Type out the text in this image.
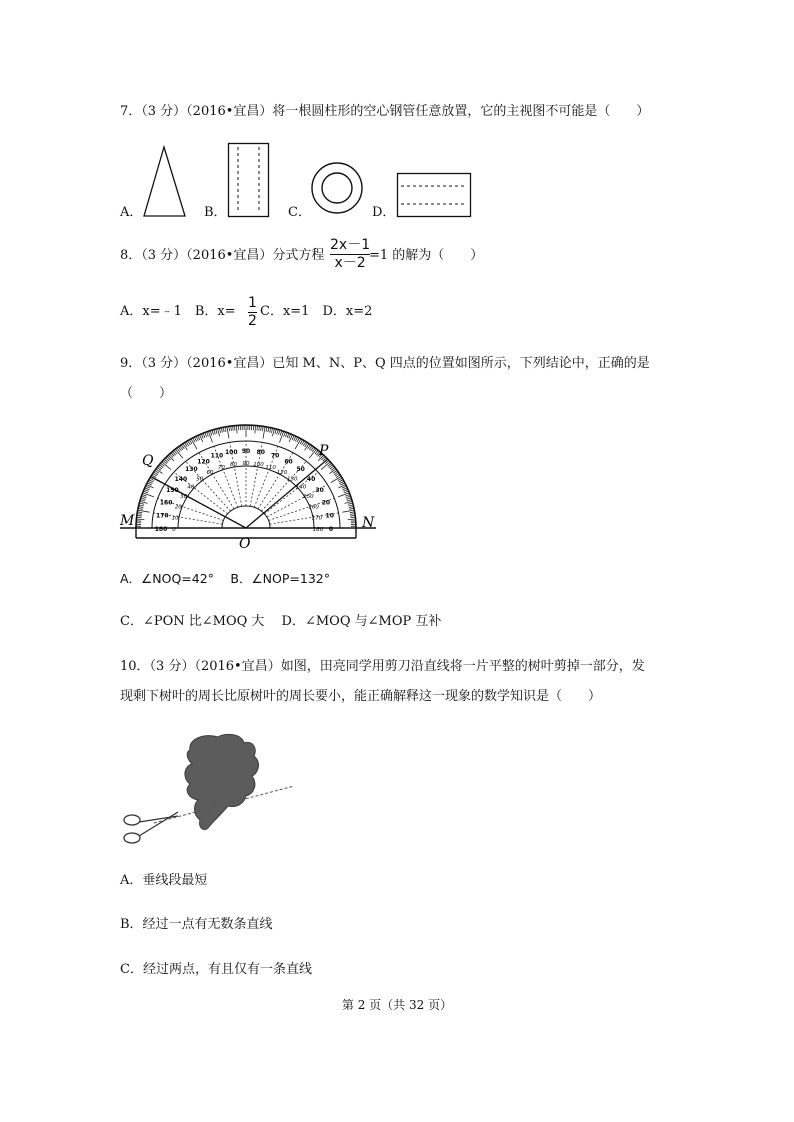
7．（3 分）（2016•宜昌）将一根圆柱形的空心钢管任意放置，它的主视图不可能是（　　）
A．	B．	C．	D．
8．（3 分）（2016•宜昌）分式方程
2x－1
x－2 =1 的解为（　　）
A．x=﹣1　B．x=
1
2
C．x=1　D．x=2
9．（3 分）（2016•宜昌）已知 M、N、P、Q 四点的位置如图所示，下列结论中，正确的是
（　　）
0
10
20
30
40
50
60
70
80
90
100
110
120
130
140
150
160
170
180	180
170
160
150
140
130
120
110
100
90
80
70
60
50
40
30
20
10
0
Q
P
M	N
O
A．∠NOQ=42°　 B．∠NOP=132°
C．∠PON 比∠MOQ 大　 D．∠MOQ 与∠MOP 互补
10．（3 分）（2016•宜昌）如图，田亮同学用剪刀沿直线将一片平整的树叶剪掉一部分，发
现剩下树叶的周长比原树叶的周长要小，能正确解释这一现象的数学知识是（　　）
A．垂线段最短
B．经过一点有无数条直线
C．经过两点，有且仅有一条直线
第 2 页（共 32 页）
